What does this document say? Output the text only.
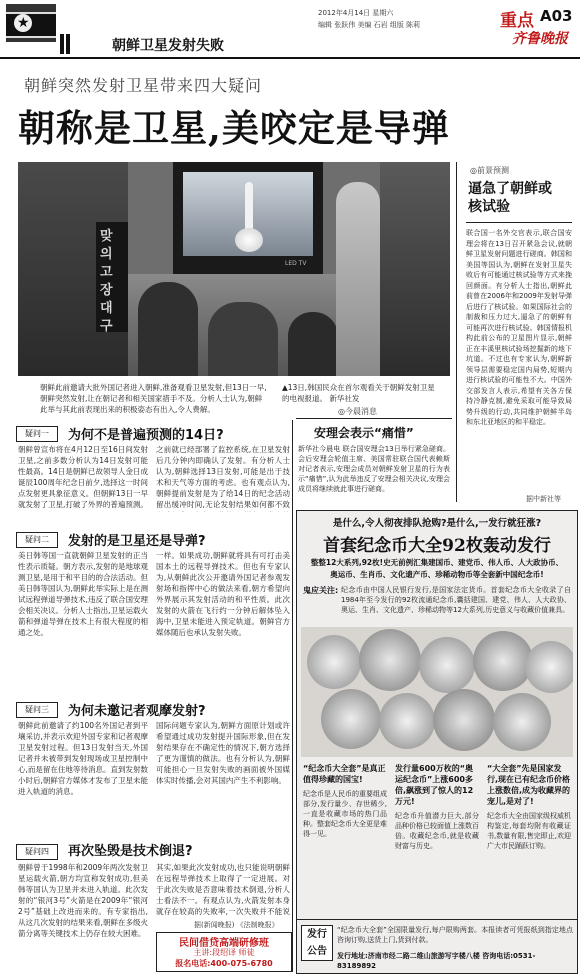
★
2012年4月14日 星期六
编辑 张跃伟 美编 石岩 组版 陈莉	重点 A03
齐鲁晚报
朝鲜卫星发射失败
朝鲜突然发射卫星带来四大疑问
朝称是卫星,美咬定是导弹
맞의고장 대구
LED TV
朝鲜此前邀请大批外国记者进入朝鲜,准备观看卫星发射,但13日一早,朝鲜突然发射,让在朝记者和相关国家措手不及。分析人士认为,朝鲜此举与其此前表现出来的积极姿态有出入,令人费解。
▲13日,韩国民众在首尔观看关于朝鲜发射卫星的电视报道。 新华社发
◎前景预测
逼急了朝鲜或核试验
联合国一名外交官表示,联合国安理会将在13日召开紧急会议,就朝鲜卫星发射问题进行磋商。韩国和美国等国认为,朝鲜在发射卫星失败后有可能通过核试验等方式来挽回颜面。有分析人士指出,朝鲜此前曾在2006年和2009年发射导弹后进行了核试验。如果国际社会的制裁和压力过大,逼急了的朝鲜有可能再次进行核试验。韩国情报机构此前公布的卫星图片显示,朝鲜正在丰溪里核试验场挖掘新的地下坑道。不过也有专家认为,朝鲜新领导层需要稳定国内局势,短期内进行核试验的可能性不大。中国外交部发言人表示,希望有关各方保持冷静克制,避免采取可能导致局势升级的行动,共同维护朝鲜半岛和东北亚地区的和平稳定。
据中新社等
◎今晨消息
安理会表示“痛惜”
新华社今晨电 联合国安理会13日举行紧急磋商。会后安理会轮值主席、美国常驻联合国代表赖斯对记者表示,安理会成员对朝鲜发射卫星的行为表示“痛惜”,认为此举违反了安理会相关决议,安理会成员将继续就此事进行磋商。
疑问一	为何不是普遍预测的14日?
朝鲜曾宣布将在4月12日至16日间发射卫星,之前多数分析认为14日发射可能性最高。14日是朝鲜已故领导人金日成诞辰100周年纪念日前夕,选择这一时间点发射更具象征意义。但朝鲜13日一早就发射了卫星,打破了外界的普遍预测。
之前就已经部署了监控系统,在卫星发射后几分钟内即确认了发射。有分析人士认为,朝鲜选择13日发射,可能是出于技术和天气等方面的考虑。也有观点认为,朝鲜提前发射是为了给14日的纪念活动留出缓冲时间,无论发射结果如何都不致
疑问二	发射的是卫星还是导弹?
美日韩等国一直就朝鲜卫星发射的正当性表示质疑。朝方表示,发射的是地球观测卫星,是用于和平目的的合法活动。但美日韩等国认为,朝鲜此举实际上是在测试远程弹道导弹技术,违反了联合国安理会相关决议。分析人士指出,卫星运载火箭和弹道导弹在技术上有很大程度的相通之处。
一样。如果成功,朝鲜就将具有可打击美国本土的远程导弹技术。但也有专家认为,从朝鲜此次公开邀请外国记者参观发射场和指挥中心的做法来看,朝方希望向外界展示其发射活动的和平性质。此次发射的火箭在飞行约一分钟后解体坠入海中,卫星未能进入预定轨道。朝鲜官方媒体随后也承认发射失败。
疑问三	为何未邀记者观摩发射?
朝鲜此前邀请了约100名外国记者到平壤采访,并表示欢迎外国专家和记者观摩卫星发射过程。但13日发射当天,外国记者并未被带到发射现场或卫星控制中心,而是留在住地等待消息。直到发射数小时后,朝鲜官方媒体才发布了卫星未能进入轨道的消息。
国际问题专家认为,朝鲜方面原计划或许希望通过成功发射提升国际形象,但在发射结果存在不确定性的情况下,朝方选择了更为谨慎的做法。也有分析认为,朝鲜可能担心一旦发射失败的画面被外国媒体实时传播,会对其国内产生不利影响。
疑问四	再次坠毁是技术倒退?
朝鲜曾于1998年和2009年两次发射卫星运载火箭,朝方均宣称发射成功,但美韩等国认为卫星并未进入轨道。此次发射的“银河3号”火箭是在2009年“银河2号”基础上改进而来的。有专家指出,从这几次发射的结果来看,朝鲜在多级火箭分离等关键技术上仍存在较大困难。
其实,如果此次发射成功,也只能说明朝鲜在远程导弹技术上取得了一定进展。对于此次失败是否意味着技术倒退,分析人士看法不一。有观点认为,火箭发射本身就存在较高的失败率,一次失败并不能说
据(新闻晚报) 《法制晚报》
民间借贷高端研修班
主讲:段绍译 师徒
报名电话:400-075-6780
是什么,令人彻夜排队抢购?是什么,一发行就狂涨?
首套纪念币大全92枚轰动发行
整整12大系列,92枚!史无前例汇集建国币、建党币、伟人币、人大政协币、
奥运币、生肖币、文化遗产币、珍稀动物币等全套新中国纪念币!
鬼应关注: 纪念币由中国人民银行发行,是国家法定货币。首套纪念币大全收录了自1984年至今发行的92枚流通纪念币,囊括建国、建党、伟人、人大政协、奥运、生肖、文化遗产、珍稀动物等12大系列,历史意义与收藏价值兼具。
“纪念币大全套”是真正值得珍藏的国宝!
纪念币是人民币的重要组成部分,发行量少、存世稀少,一直是收藏市场的热门品种。整套纪念币大全更是难得一见。
发行量600万枚的“奥运纪念币”上涨600多倍,飙涨到了惊人的12万元!
纪念币升值潜力巨大,部分品种价格已较面值上涨数百倍。收藏纪念币,就是收藏财富与历史。
“大全套”先是国家发行,现在已有纪念币价格上涨数倍,成为收藏界的宠儿,是对了!
纪念币大全由国家级权威机构鉴定,每套均附有收藏证书,数量有限,售完即止,欢迎广大市民踊跃订购。
发行
公告
“纪念币大全套”全国限量发行,每户限购两套。本报读者可凭报纸到指定地点咨询订购,送货上门,货到付款。
发行地址:济南市经二路二维山旅游写字楼八楼 咨询电话:0531-83189892
